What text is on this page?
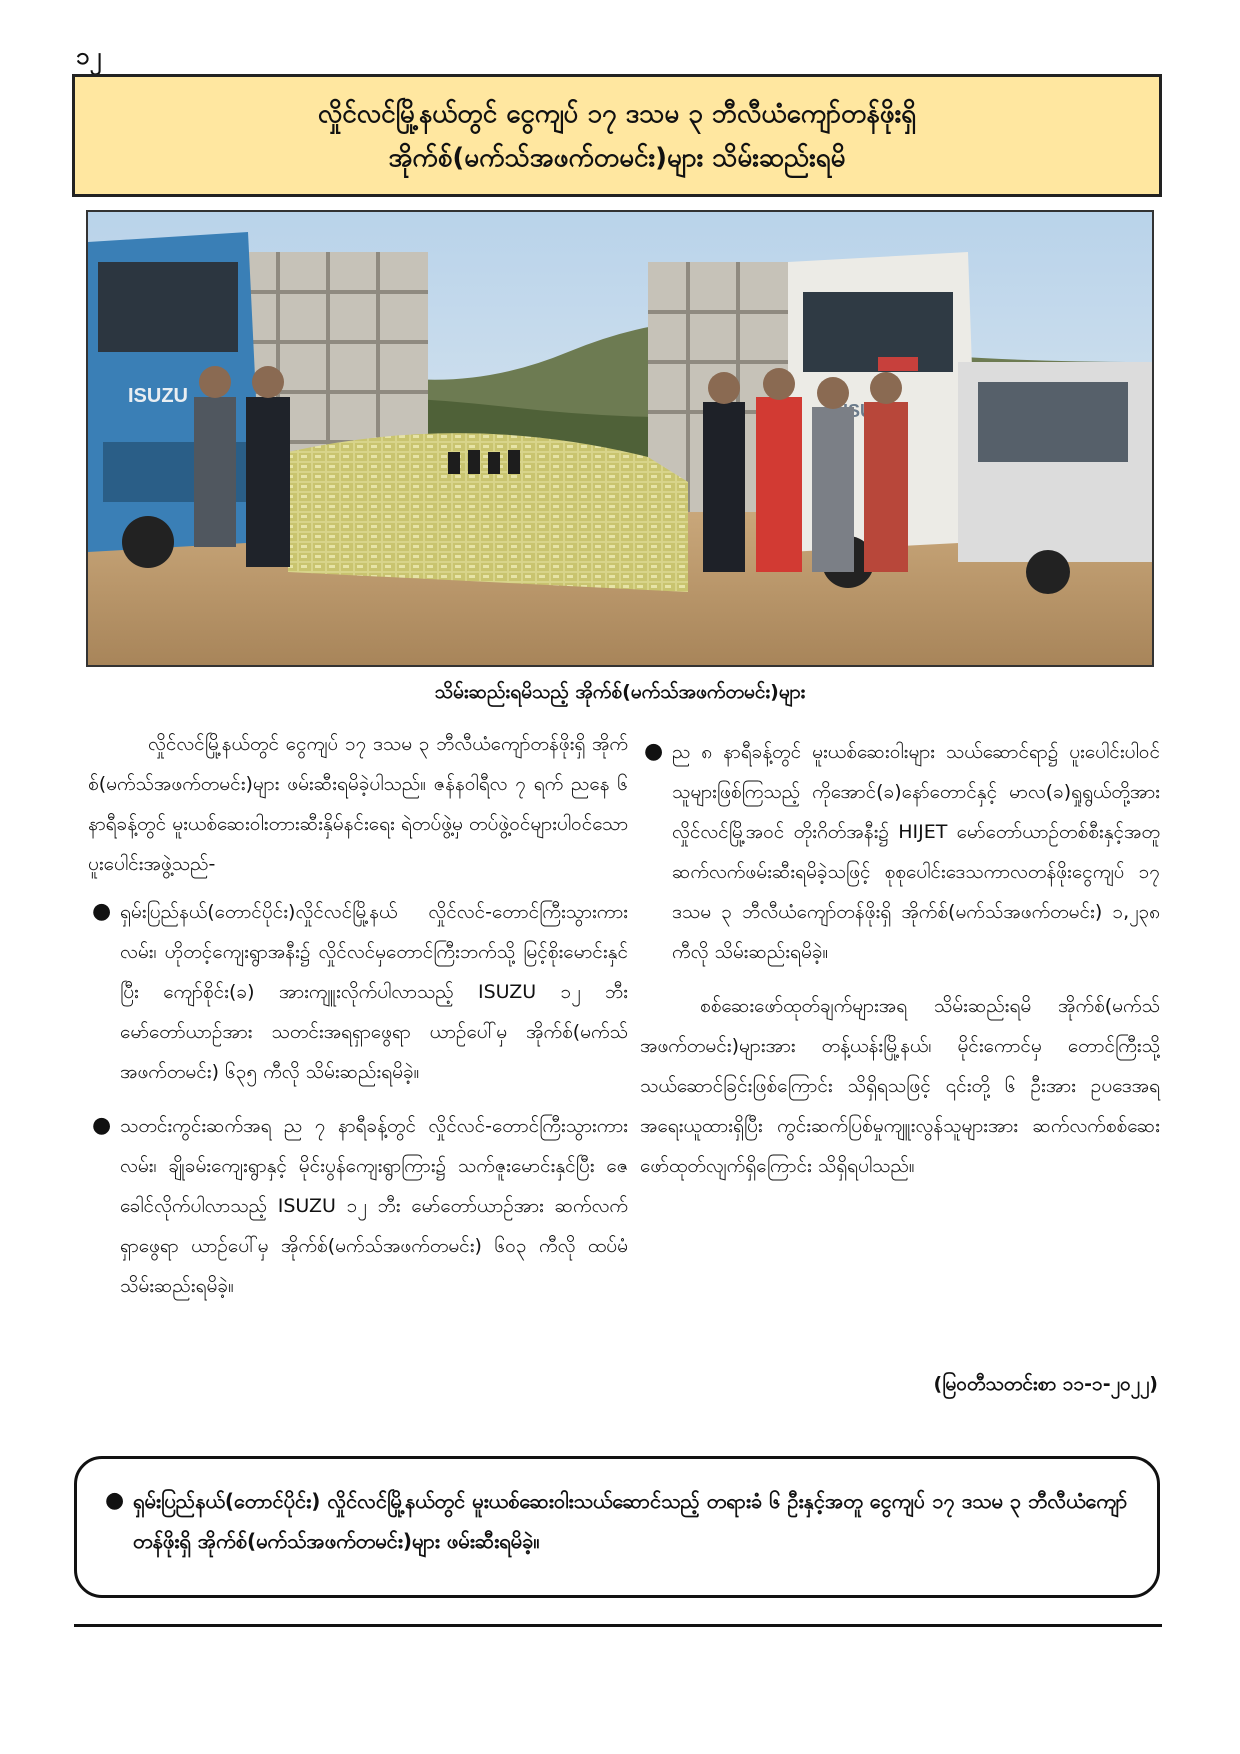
၁၂
လှိုင်လင်မြို့နယ်တွင် ငွေကျပ် ၁၇ ဒသမ ၃ ဘီလီယံကျော်တန်ဖိုးရှိ
အိုက်စ်(မက်သ်အဖက်တမင်း)များ သိမ်းဆည်းရမိ
ISUZU
သိမ်းဆည်းရမိသည့် အိုက်စ်(မက်သ်အဖက်တမင်း)များ

လှိုင်လင်မြို့နယ်တွင် ငွေကျပ် ၁၇ ဒသမ ၃ ဘီလီယံကျော်တန်ဖိုးရှိ အိုက်စ်(မက်သ်အဖက်တမင်း)များ ဖမ်းဆီးရမိခဲ့ပါသည်။ ဇန်နဝါရီလ ၇ ရက် ညနေ ၆ နာရီခန့်တွင် မူးယစ်ဆေးဝါးတားဆီးနှိမ်နင်းရေး ရဲတပ်ဖွဲ့မှ တပ်ဖွဲ့ဝင်များပါဝင်သော ပူးပေါင်းအဖွဲ့သည်-

● ရှမ်းပြည်နယ်(တောင်ပိုင်း)လှိုင်လင်မြို့နယ် လှိုင်လင်-တောင်ကြီးသွားကားလမ်း၊ ဟိုတင့်ကျေးရွာအနီး၌ လှိုင်လင်မှတောင်ကြီးဘက်သို့ မြင့်စိုးမောင်းနှင်ပြီး ကျော်စိုင်း(ခ) အားကျူးလိုက်ပါလာသည့် ISUZU ၁၂ ဘီး မော်တော်ယာဉ်အား သတင်းအရရှာဖွေရာ ယာဉ်ပေါ်မှ အိုက်စ်(မက်သ်အဖက်တမင်း) ၆၃၅ ကီလို သိမ်းဆည်းရမိခဲ့။
● သတင်းကွင်းဆက်အရ ည ၇ နာရီခန့်တွင် လှိုင်လင်-တောင်ကြီးသွားကားလမ်း၊ ချိုခမ်းကျေးရွာနှင့် မိုင်းပွန်ကျေးရွာကြား၌ သက်ဇူးမောင်းနှင်ပြီး ဇေခေါင်လိုက်ပါလာသည့် ISUZU ၁၂ ဘီး မော်တော်ယာဉ်အား ဆက်လက်ရှာဖွေရာ ယာဉ်ပေါ်မှ အိုက်စ်(မက်သ်အဖက်တမင်း) ၆၀၃ ကီလို ထပ်မံသိမ်းဆည်းရမိခဲ့။
● ည ၈ နာရီခန့်တွင် မူးယစ်ဆေးဝါးများ သယ်ဆောင်ရာ၌ ပူးပေါင်းပါဝင်သူများဖြစ်ကြသည့် ကိုအောင်(ခ)နော်တောင်နှင့် မာလ(ခ)ရှုရွယ်တို့အား လှိုင်လင်မြို့အဝင် တိုးဂိတ်အနီး၌ HIJET မော်တော်ယာဉ်တစ်စီးနှင့်အတူ ဆက်လက်ဖမ်းဆီးရမိခဲ့သဖြင့် စုစုပေါင်းဒေသကာလတန်ဖိုးငွေကျပ် ၁၇ ဒသမ ၃ ဘီလီယံကျော်တန်ဖိုးရှိ အိုက်စ်(မက်သ်အဖက်တမင်း) ၁,၂၃၈ ကီလို သိမ်းဆည်းရမိခဲ့။

စစ်ဆေးဖော်ထုတ်ချက်များအရ သိမ်းဆည်းရမိ အိုက်စ်(မက်သ်အဖက်တမင်း)များအား တန့်ယန်းမြို့နယ်၊ မိုင်းကောင်မှ တောင်ကြီးသို့ သယ်ဆောင်ခြင်းဖြစ်ကြောင်း သိရှိရသဖြင့် ၎င်းတို့ ၆ ဦးအား ဥပဒေအရ အရေးယူထားရှိပြီး ကွင်းဆက်ပြစ်မှုကျူးလွန်သူများအား ဆက်လက်စစ်ဆေးဖော်ထုတ်လျက်ရှိကြောင်း သိရှိရပါသည်။

(မြဝတီသတင်းစာ ၁၁-၁-၂၀၂၂)
● ရှမ်းပြည်နယ်(တောင်ပိုင်း) လှိုင်လင်မြို့နယ်တွင် မူးယစ်ဆေးဝါးသယ်ဆောင်သည့် တရားခံ ၆ ဦးနှင့်အတူ ငွေကျပ် ၁၇ ဒသမ ၃ ဘီလီယံကျော်တန်ဖိုးရှိ အိုက်စ်(မက်သ်အဖက်တမင်း)များ ဖမ်းဆီးရမိခဲ့။
